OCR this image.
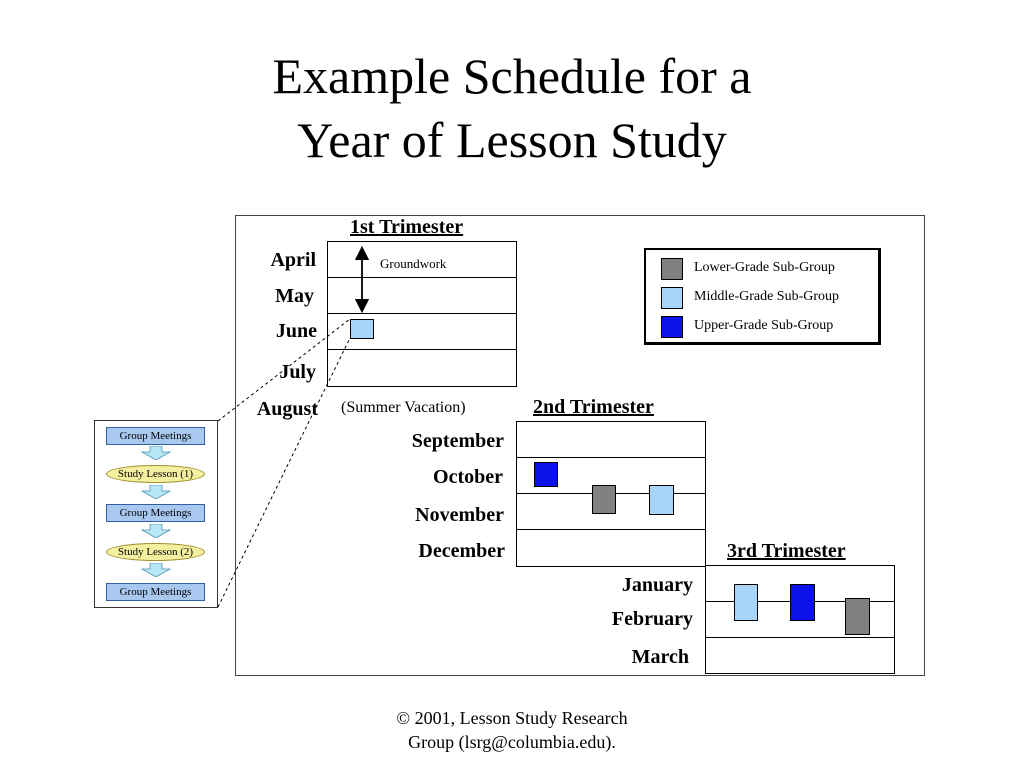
Example Schedule for a
Year of Lesson Study
1st Trimester
April
May
June
July
August
Groundwork
(Summer Vacation)	2nd Trimester
September
October
November
December	3rd Trimester
January
February
March
Lower-Grade Sub-Group
Middle-Grade Sub-Group
Upper-Grade Sub-Group
Group Meetings
Study Lesson (1)
Group Meetings
Study Lesson (2)
Group Meetings
© 2001, Lesson Study Research
Group (lsrg@columbia.edu).
